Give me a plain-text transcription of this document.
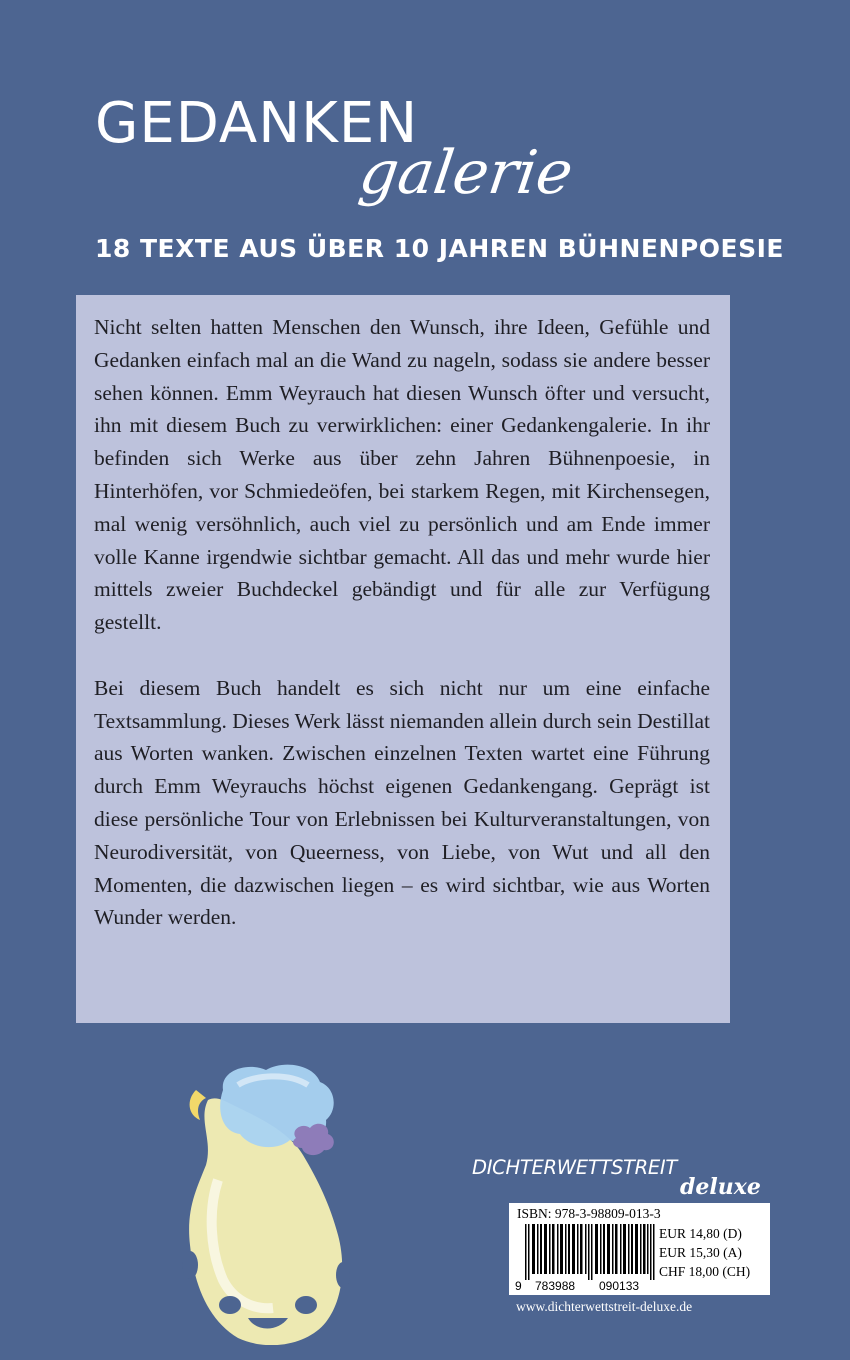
GEDANKEN
galerie
18 TEXTE AUS ÜBER 10 JAHREN BÜHNENPOESIE

Nicht selten hatten Menschen den Wunsch, ihre Ideen, Gefühle und Gedanken einfach mal an die Wand zu nageln, sodass sie andere besser sehen können. Emm Weyrauch hat diesen Wunsch öfter und versucht, ihn mit diesem Buch zu verwirklichen: einer Gedankengalerie. In ihr befinden sich Werke aus über zehn Jahren Bühnenpoesie, in Hinterhöfen, vor Schmiedeöfen, bei starkem Regen, mit Kirchensegen, mal wenig versöhnlich, auch viel zu persönlich und am Ende immer volle Kanne irgendwie sichtbar gemacht. All das und mehr wurde hier mittels zweier Buchdeckel gebändigt und für alle zur Verfügung gestellt.

Bei diesem Buch handelt es sich nicht nur um eine einfache Textsammlung. Dieses Werk lässt niemanden allein durch sein Destillat aus Worten wanken. Zwischen einzelnen Texten wartet eine Führung durch Emm Weyrauchs höchst eigenen Gedankengang. Geprägt ist diese persönliche Tour von Erlebnissen bei Kulturveranstaltungen, von Neurodiversität, von Queerness, von Liebe, von Wut und all den Momenten, die dazwischen liegen – es wird sichtbar, wie aus Worten Wunder werden.

DICHTERWETTSTREIT
deluxe
ISBN: 978-3-98809-013-3
9 783988 090133
EUR 14,80 (D)
EUR 15,30 (A)
CHF 18,00 (CH)
www.dichterwettstreit-deluxe.de
